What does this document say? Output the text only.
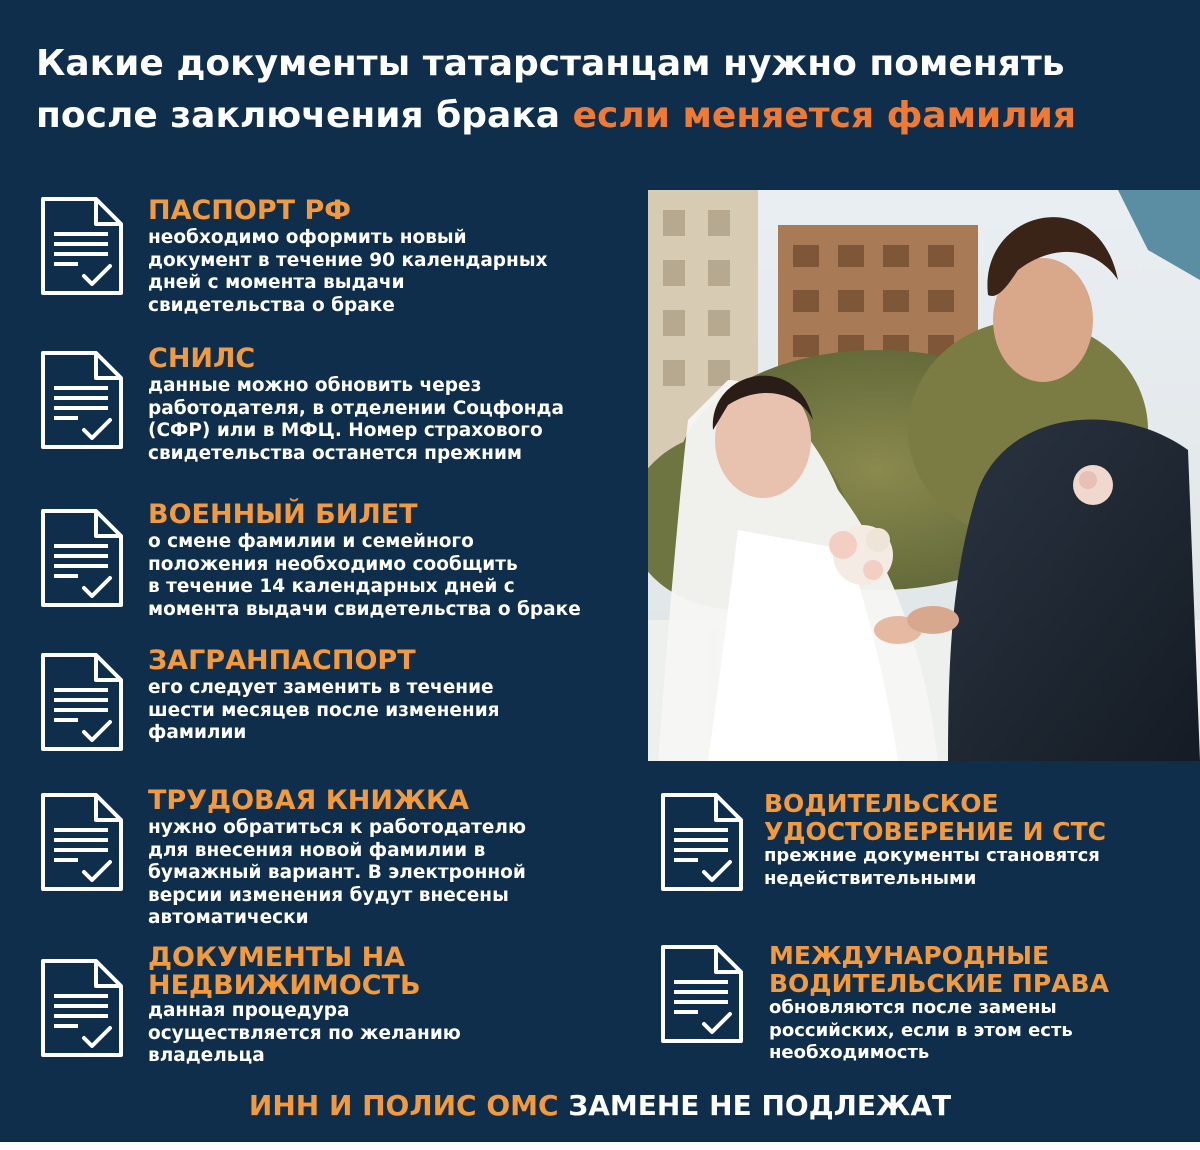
Какие документы татарстанцам нужно поменять
после заключения брака если меняется фамилия
ПАСПОРТ РФ
необходимо оформить новый
документ в течение 90 календарных
дней с момента выдачи
свидетельства о браке
СНИЛС
данные можно обновить через
работодателя, в отделении Соцфонда
(СФР) или в МФЦ. Номер страхового
свидетельства останется прежним
ВОЕННЫЙ БИЛЕТ
о смене фамилии и семейного
положения необходимо сообщить
в течение 14 календарных дней с
момента выдачи свидетельства о браке
ЗАГРАНПАСПОРТ
его следует заменить в течение
шести месяцев после изменения
фамилии
ТРУДОВАЯ КНИЖКА
нужно обратиться к работодателю
для внесения новой фамилии в
бумажный вариант. В электронной
версии изменения будут внесены
автоматически
ДОКУМЕНТЫ НА
НЕДВИЖИМОСТЬ
данная процедура
осуществляется по желанию
владельца
ВОДИТЕЛЬСКОЕ
УДОСТОВЕРЕНИЕ И СТС
прежние документы становятся
недействительными
МЕЖДУНАРОДНЫЕ
ВОДИТЕЛЬСКИЕ ПРАВА
обновляются после замены
российских, если в этом есть
необходимость
ИНН И ПОЛИС ОМС ЗАМЕНЕ НЕ ПОДЛЕЖАТ
